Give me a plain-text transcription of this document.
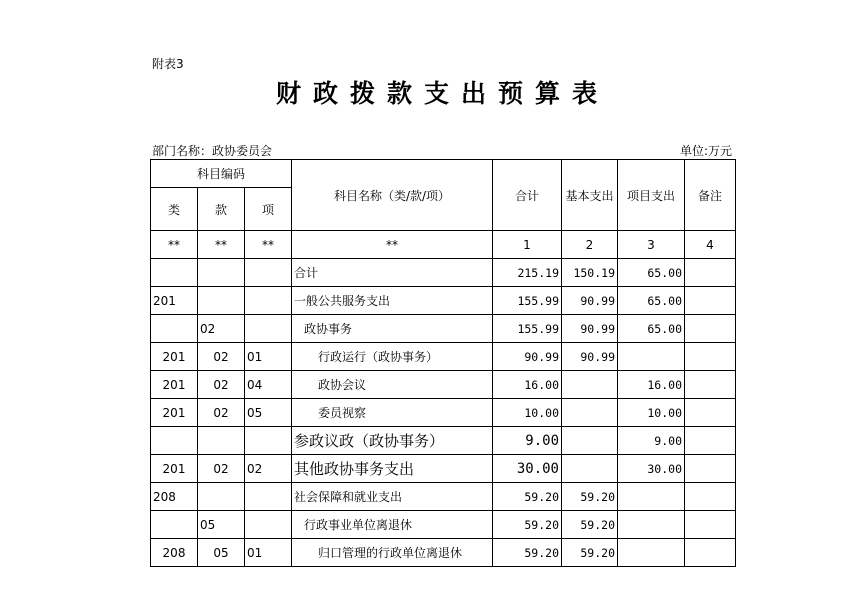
附表3
财政拨款支出预算表
部门名称：政协委员会	单位:万元
科目编码			科目名称（类/款/项）	合计	基本支出	项目支出	备注
类	款	项					
**	**	**	**	1	2	3	4
			合计	215.19	150.19	65.00	
201			一般公共服务支出	155.99	90.99	65.00	
	02		政协事务	155.99	90.99	65.00	
201	02	01	行政运行（政协事务）	90.99	90.99		
201	02	04	政协会议	16.00		16.00	
201	02	05	委员视察	10.00		10.00	
			参政议政（政协事务）	9.00		9.00	
201	02	02	其他政协事务支出	30.00		30.00	
208			社会保障和就业支出	59.20	59.20		
	05		行政事业单位离退休	59.20	59.20		
208	05	01	归口管理的行政单位离退休	59.20	59.20		
